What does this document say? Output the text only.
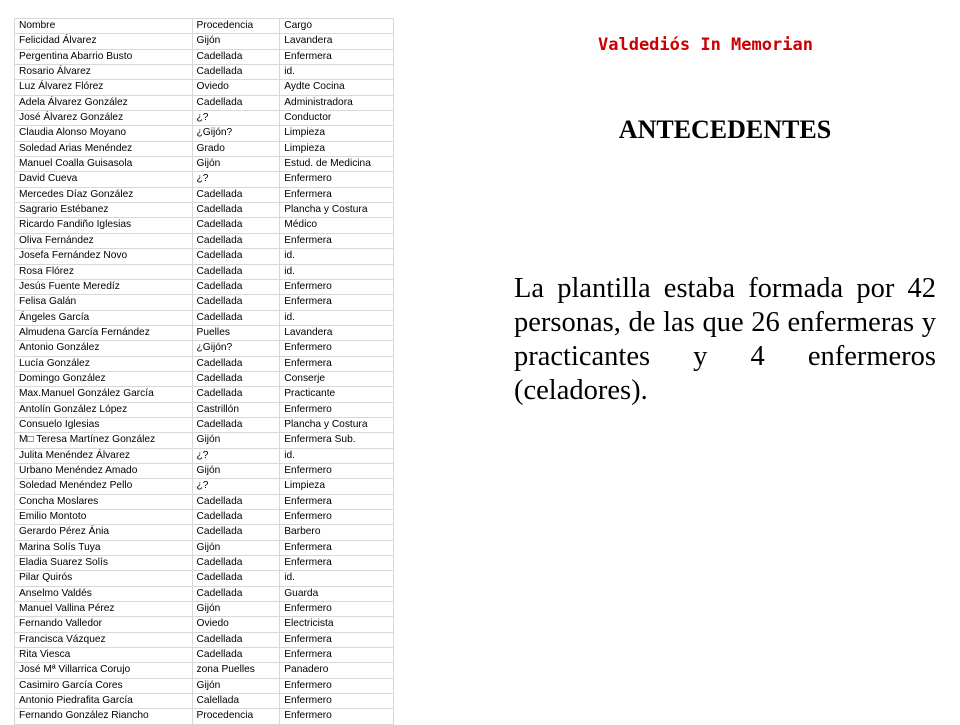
Nombre	Procedencia	Cargo
Felicidad Álvarez	Gijón	Lavandera
Pergentina Abarrio Busto	Cadellada	Enfermera
Rosario Álvarez	Cadellada	id.
Luz Álvarez Flórez	Oviedo	Aydte Cocina
Adela Álvarez González	Cadellada	Administradora
José Álvarez González	¿?	Conductor
Claudia Alonso Moyano	¿Gijón?	Limpieza
Soledad Arias Menéndez	Grado	Limpieza
Manuel Coalla Guisasola	Gijón	Estud. de Medicina
David Cueva	¿?	Enfermero
Mercedes Díaz González	Cadellada	Enfermera
Sagrario Estébanez	Cadellada	Plancha y Costura
Ricardo Fandiño Iglesias	Cadellada	Médico
Oliva Fernández	Cadellada	Enfermera
Josefa Fernández Novo	Cadellada	id.
Rosa Flórez	Cadellada	id.
Jesús Fuente Meredíz	Cadellada	Enfermero
Felisa Galán	Cadellada	Enfermera
Ángeles García	Cadellada	id.
Almudena García Fernández	Puelles	Lavandera
Antonio González	¿Gijón?	Enfermero
Lucía González	Cadellada	Enfermera
Domingo González	Cadellada	Conserje
Max.Manuel González García	Cadellada	Practicante
Antolín González López	Castrillón	Enfermero
Consuelo Iglesias	Cadellada	Plancha y Costura
M□ Teresa Martínez González	Gijón	Enfermera Sub.
Julita Menéndez Álvarez	¿?	id.
Urbano Menéndez Amado	Gijón	Enfermero
Soledad Menéndez Pello	¿?	Limpieza
Concha Moslares	Cadellada	Enfermera
Emilio Montoto	Cadellada	Enfermero
Gerardo Pérez Ánia	Cadellada	Barbero
Marina Solís Tuya	Gijón	Enfermera
Eladia Suarez Solís	Cadellada	Enfermera
Pilar Quirós	Cadellada	id.
Anselmo Valdés	Cadellada	Guarda
Manuel Vallina Pérez	Gijón	Enfermero
Fernando Valledor	Oviedo	Electricista
Francisca Vázquez	Cadellada	Enfermera
Rita Viesca	Cadellada	Enfermera
José Mª Villarrica Corujo	zona Puelles	Panadero
Casimiro García Cores	Gijón	Enfermero
Antonio Piedrafita García	Calellada	Enfermero
Fernando González Riancho	Procedencia	Enfermero
Valdediós In Memorian
ANTECEDENTES

La plantilla estaba formada por 42 personas, de las que 26 enfermeras y practicantes y 4 enfermeros (celadores).
